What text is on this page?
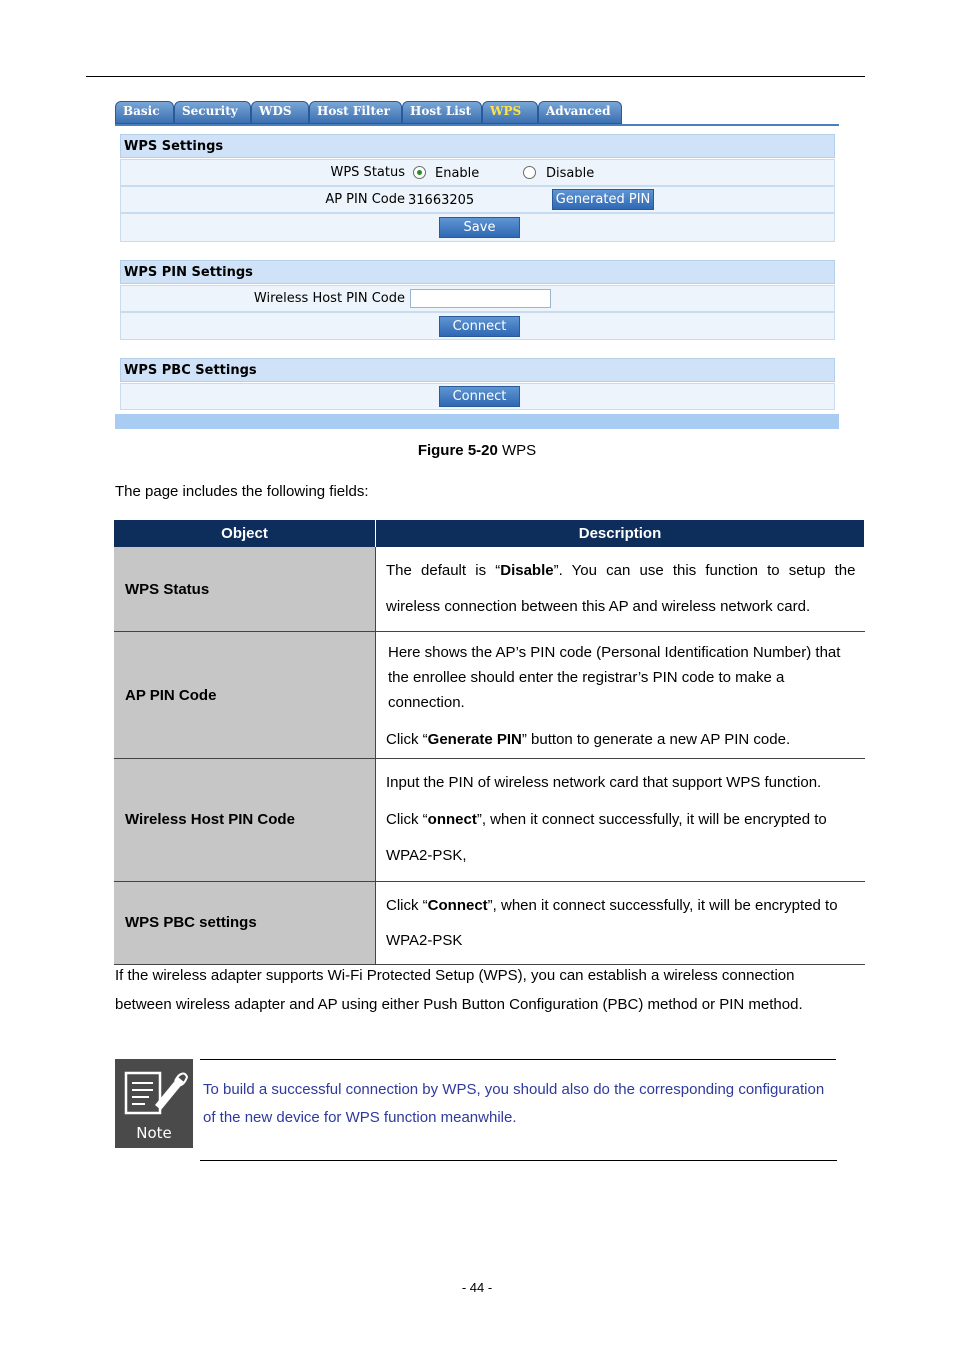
Basic	Security	WDS	Host Filter	Host List	WPS	Advanced
WPS Settings
WPS Status Enable	Disable
AP PIN Code 31663205	Generated PIN
Save
WPS PIN Settings
Wireless Host PIN Code
Connect
WPS PBC Settings
Connect
Figure 5-20 WPS
The page includes the following fields:
Object	Description
WPS Status	The default is “Disable”. You can use this function to setup the wireless connection between this AP and wireless network card.
AP PIN Code	Here shows the AP’s PIN code (Personal Identification Number) that the enrollee should enter the registrar’s PIN code to make a connection.

Click “Generate PIN” button to generate a new AP PIN code.

Wireless Host PIN Code	Input the PIN of wireless network card that support WPS function. Click “onnect”, when it connect successfully, it will be encrypted to WPA2-PSK,
WPS PBC settings	Click “Connect”, when it connect successfully, it will be encrypted to WPA2-PSK
If the wireless adapter supports Wi-Fi Protected Setup (WPS), you can establish a wireless connection between wireless adapter and AP using either Push Button Configuration (PBC) method or PIN method.
Note
To build a successful connection by WPS, you should also do the corresponding configuration of the new device for WPS function meanwhile.
- 44 -
